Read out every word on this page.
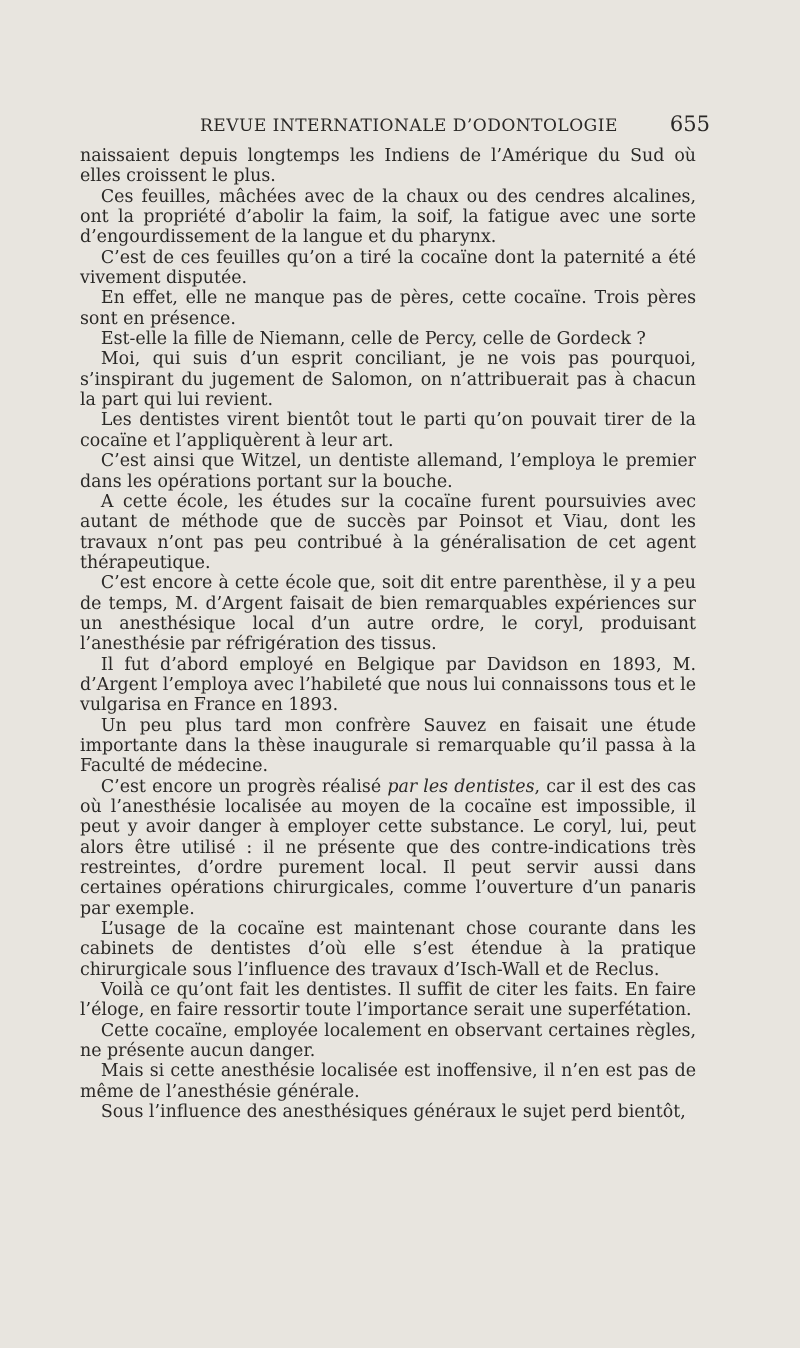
REVUE INTERNATIONALE D’ODONTOLOGIE 655

naissaient depuis longtemps les Indiens de l’Amérique du Sud où elles croissent le plus.

Ces feuilles, mâchées avec de la chaux ou des cendres alcalines, ont la propriété d’abolir la faim, la soif, la fatigue avec une sorte d’engourdissement de la langue et du pharynx.

C’est de ces feuilles qu’on a tiré la cocaïne dont la paternité a été vivement disputée.

En effet, elle ne manque pas de pères, cette cocaïne. Trois pères sont en présence.

Est-elle la fille de Niemann, celle de Percy, celle de Gordeck ?

Moi, qui suis d’un esprit conciliant, je ne vois pas pourquoi, s’inspirant du jugement de Salomon, on n’attribuerait pas à chacun la part qui lui revient.

Les dentistes virent bientôt tout le parti qu’on pouvait tirer de la cocaïne et l’appliquèrent à leur art.

C’est ainsi que Witzel, un dentiste allemand, l’employa le premier dans les opérations portant sur la bouche.

A cette école, les études sur la cocaïne furent poursuivies avec autant de méthode que de succès par Poinsot et Viau, dont les travaux n’ont pas peu contribué à la généralisation de cet agent thérapeutique.

C’est encore à cette école que, soit dit entre parenthèse, il y a peu de temps, M. d’Argent faisait de bien remarquables expériences sur un anesthésique local d’un autre ordre, le coryl, produisant l’anesthésie par réfrigération des tissus.

Il fut d’abord employé en Belgique par Davidson en 1893, M. d’Argent l’employa avec l’habileté que nous lui connaissons tous et le vulgarisa en France en 1893.

Un peu plus tard mon confrère Sauvez en faisait une étude importante dans la thèse inaugurale si remarquable qu’il passa à la Faculté de médecine.

C’est encore un progrès réalisé par les dentistes, car il est des cas où l’anesthésie localisée au moyen de la cocaïne est impossible, il peut y avoir danger à employer cette substance. Le coryl, lui, peut alors être utilisé : il ne présente que des contre-indications très restreintes, d’ordre purement local. Il peut servir aussi dans certaines opérations chirurgicales, comme l’ouverture d’un panaris par exemple.

L’usage de la cocaïne est maintenant chose courante dans les cabinets de dentistes d’où elle s’est étendue à la pratique chirurgicale sous l’influence des travaux d’Isch-Wall et de Reclus.

Voilà ce qu’ont fait les dentistes. Il suffit de citer les faits. En faire l’éloge, en faire ressortir toute l’importance serait une superfétation.

Cette cocaïne, employée localement en observant certaines règles, ne présente aucun danger.

Mais si cette anesthésie localisée est inoffensive, il n’en est pas de même de l’anesthésie générale.

Sous l’influence des anesthésiques généraux le sujet perd bientôt,
